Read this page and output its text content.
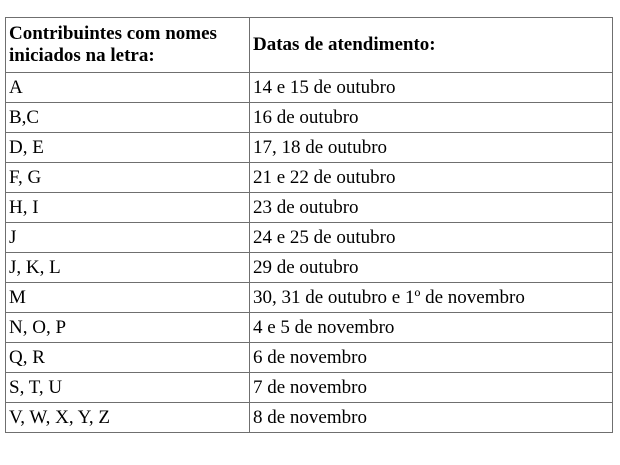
Contribuintes com nomes iniciados na letra:	Datas de atendimento:
A	14 e 15 de outubro
B,C	16 de outubro
D, E	17, 18 de outubro
F, G	21 e 22 de outubro
H, I	23 de outubro
J	24 e 25 de outubro
J, K, L	29 de outubro
M	30, 31 de outubro e 1º de novembro
N, O, P	4 e 5 de novembro
Q, R	6 de novembro
S, T, U	7 de novembro
V, W, X, Y, Z	8 de novembro
